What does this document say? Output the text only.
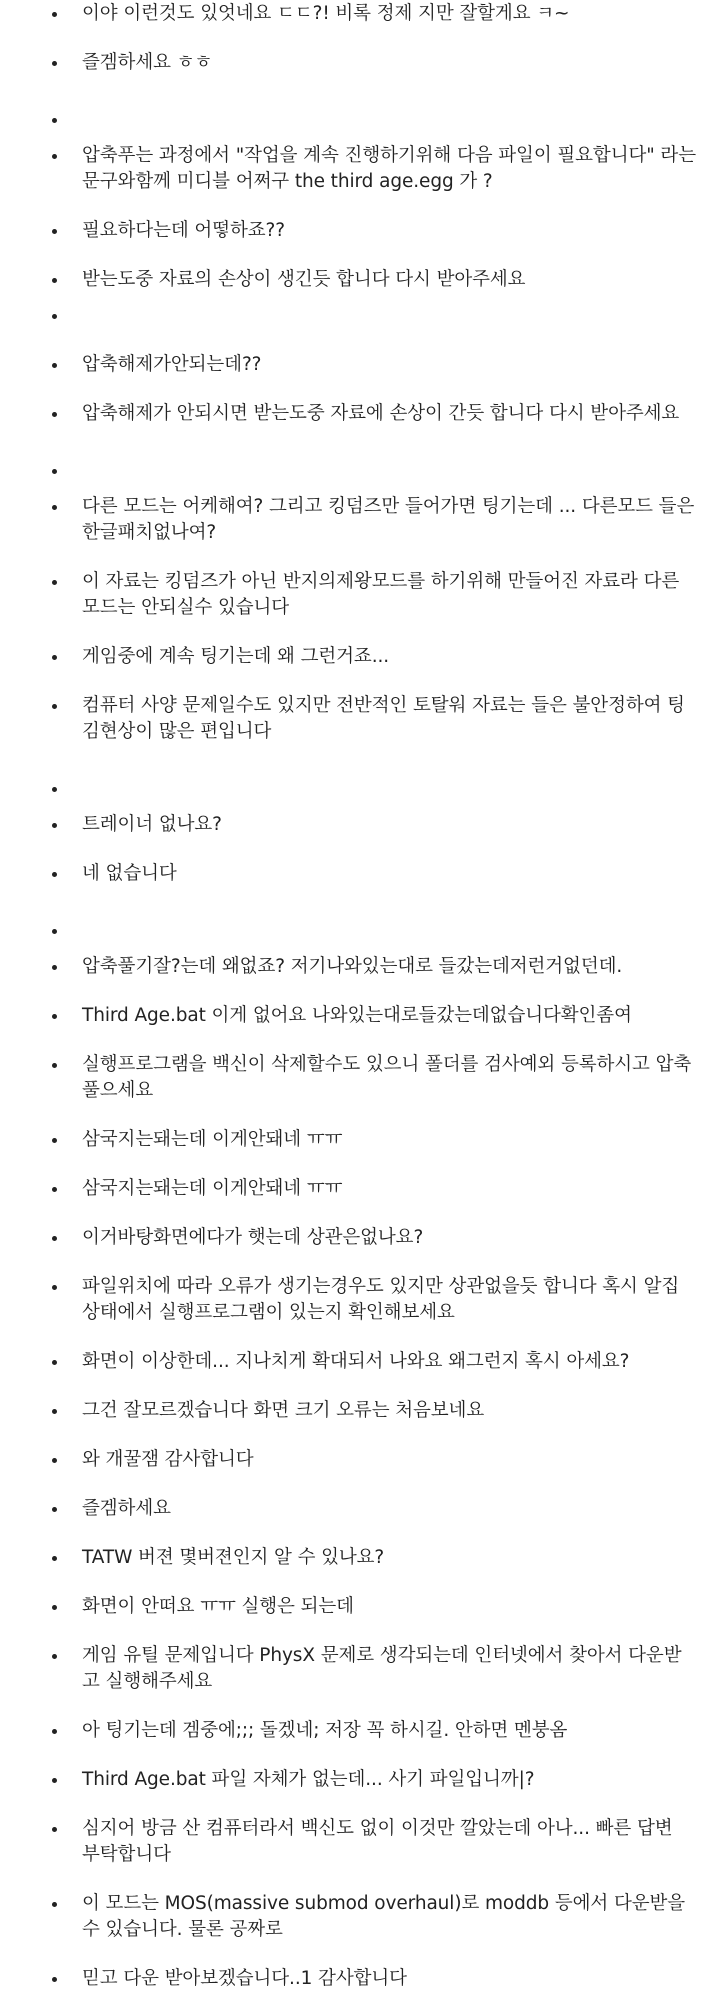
이야 이런것도 있엇네요 ㄷㄷ?! 비록 정제 지만 잘할게요 ㅋ~
즐겜하세요 ㅎㅎ
압축푸는 과정에서 "작업을 계속 진행하기위해 다음 파일이 필요합니다" 라는 문구와함께 미디블 어쩌구 the third age.egg 가 ?
필요하다는데 어떻하죠??
받는도중 자료의 손상이 생긴듯 합니다 다시 받아주세요
압축해제가안되는데??
압축해제가 안되시면 받는도중 자료에 손상이 간듯 합니다 다시 받아주세요
다른 모드는 어케해여? 그리고 킹덤즈만 들어가면 팅기는데 ... 다른모드 들은 한글패치없나여?
이 자료는 킹덤즈가 아닌 반지의제왕모드를 하기위해 만들어진 자료라 다른모드는 안되실수 있습니다
게임중에 계속 팅기는데 왜 그런거죠...
컴퓨터 사양 문제일수도 있지만 전반적인 토탈워 자료는 들은 불안정하여 팅김현상이 많은 편입니다
트레이너 없나요?
네 없습니다
압축풀기잘?는데 왜없죠? 저기나와있는대로 들갔는데저런거없던데.
Third Age.bat 이게 없어요 나와있는대로들갔는데없습니다확인좀여
실행프로그램을 백신이 삭제할수도 있으니 폴더를 검사예외 등록하시고 압축풀으세요
삼국지는돼는데 이게안돼네 ㅠㅠ
삼국지는돼는데 이게안돼네 ㅠㅠ
이거바탕화면에다가 햇는데 상관은없나요?
파일위치에 따라 오류가 생기는경우도 있지만 상관없을듯 합니다 혹시 알집상태에서 실행프로그램이 있는지 확인해보세요
화면이 이상한데... 지나치게 확대되서 나와요 왜그런지 혹시 아세요?
그건 잘모르겠습니다 화면 크기 오류는 처음보네요
와 개꿀잼 감사합니다
즐겜하세요
TATW 버젼 몇버젼인지 알 수 있나요?
화면이 안떠요 ㅠㅠ 실행은 되는데
게임 유틸 문제입니다 PhysX 문제로 생각되는데 인터넷에서 찾아서 다운받고 실행해주세요
아 팅기는데 겜중에;;; 돌겠네; 저장 꼭 하시길. 안하면 멘붕옴
Third Age.bat 파일 자체가 없는데... 사기 파일입니까|?
심지어 방금 산 컴퓨터라서 백신도 없이 이것만 깔았는데 아나... 빠른 답변 부탁합니다
이 모드는 MOS(massive submod overhaul)로 moddb 등에서 다운받을 수 있습니다. 물론 공짜로
믿고 다운 받아보겠습니다..1 감사합니다
